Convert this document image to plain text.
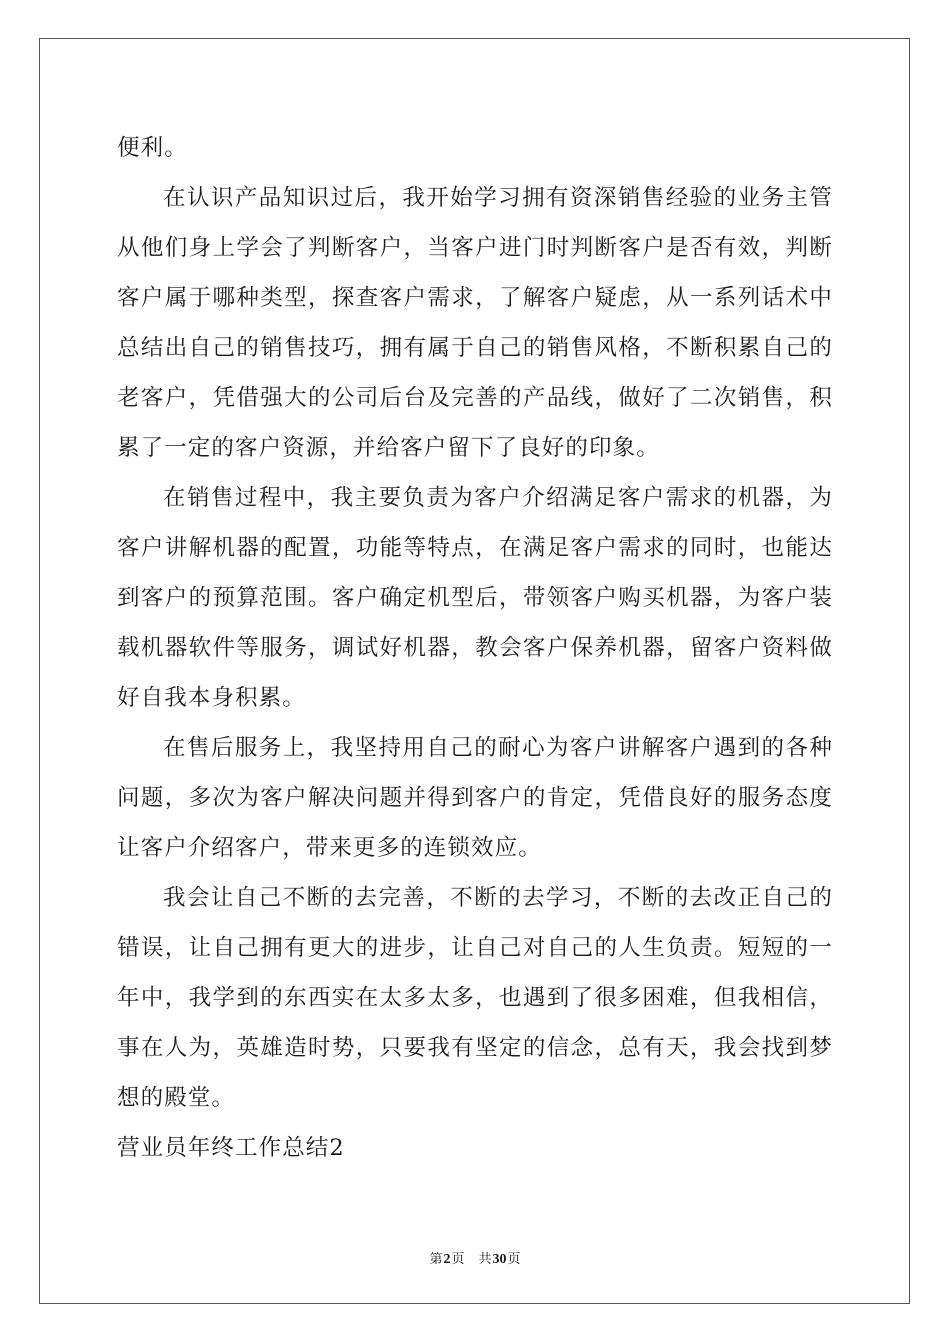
便利。
在认识产品知识过后，我开始学习拥有资深销售经验的业务主管
从他们身上学会了判断客户，当客户进门时判断客户是否有效，判断
客户属于哪种类型，探查客户需求，了解客户疑虑，从一系列话术中
总结出自己的销售技巧，拥有属于自己的销售风格，不断积累自己的
老客户，凭借强大的公司后台及完善的产品线，做好了二次销售，积
累了一定的客户资源，并给客户留下了良好的印象。
在销售过程中，我主要负责为客户介绍满足客户需求的机器，为
客户讲解机器的配置，功能等特点，在满足客户需求的同时，也能达
到客户的预算范围。客户确定机型后，带领客户购买机器，为客户装
载机器软件等服务，调试好机器，教会客户保养机器，留客户资料做
好自我本身积累。
在售后服务上，我坚持用自己的耐心为客户讲解客户遇到的各种
问题，多次为客户解决问题并得到客户的肯定，凭借良好的服务态度
让客户介绍客户，带来更多的连锁效应。
我会让自己不断的去完善，不断的去学习，不断的去改正自己的
错误，让自己拥有更大的进步，让自己对自己的人生负责。短短的一
年中，我学到的东西实在太多太多，也遇到了很多困难，但我相信，
事在人为，英雄造时势，只要我有坚定的信念，总有天，我会找到梦
想的殿堂。
营业员年终工作总结2
第2页 共30页
